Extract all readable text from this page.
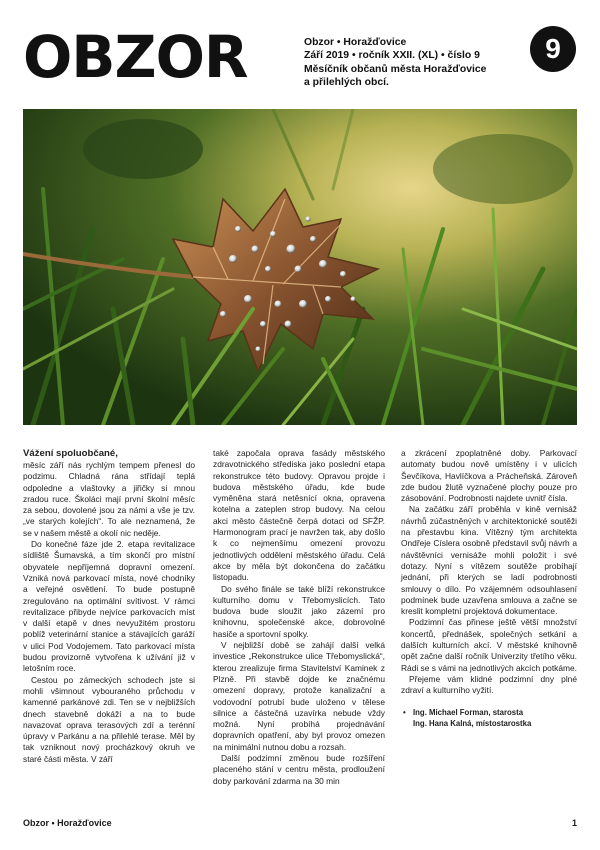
OBZOR	Obzor • Horažďovice
Září 2019 • ročník XXII. (XL) • číslo 9
Měsíčník občanů města Horažďovice
a přilehlých obcí.
9

Vážení spoluobčané,

měsíc září nás rychlým tempem přenesl do podzimu. Chladná rána střídají teplá odpoledne a vlaštovky a jiřičky si mnou zradou ruce. Školáci mají první školní měsíc za sebou, dovolené jsou za námi a vše je tzv. „ve starých kolejích“. To ale neznamená, že se v našem městě a okolí nic neděje.

Do konečné fáze jde 2. etapa revitalizace sídliště Šumavská, a tím skončí pro místní obyvatele nepříjemná dopravní omezení. Vzniká nová parkovací místa, nové chodníky a veřejné osvětlení. To bude postupně zregulováno na optimální svítivost. V rámci revitalizace přibyde nejvíce parkovacích míst v další etapě v dnes nevyužitém prostoru poblíž veterinární stanice a stávajících garáží v ulici Pod Vodojemem. Tato parkovací místa budou provizorně vytvořena k užívání již v letošním roce.

Cestou po zámeckých schodech jste si mohli všimnout vybouraného průchodu v kamenné parkánové zdi. Ten se v nejbližších dnech stavebně dokáží a na to bude navazovat oprava terasových zdí a terénní úpravy v Parkánu a na přilehlé terase. Měl by tak vzniknout nový procházkový okruh ve staré části města. V září

také započala oprava fasády městského zdravotnického střediska jako poslední etapa rekonstrukce této budovy. Opravou projde i budova městského úřadu, kde bude vyměněna stará netěsnící okna, opravena kotelna a zateplen strop budovy. Na celou akci město částečně čerpá dotaci od SFŽP. Harmonogram prací je navržen tak, aby došlo k co nejmenšímu omezení provozu jednotlivých oddělení městského úřadu. Celá akce by měla být dokončena do začátku listopadu.

Do svého finále se také blíží rekonstrukce kulturního domu v Třebomyslicích. Tato budova bude sloužit jako zázemí pro knihovnu, společenské akce, dobrovolné hasiče a sportovní spolky.

V nejbližší době se zahájí další velká investice „Rekonstrukce ulice Třebomyslická“, kterou zrealizuje firma Stavitelství Kaminek z Plzně. Při stavbě dojde ke značnému omezení dopravy, protože kanalizační a vodovodní potrubí bude uloženo v tělese silnice a částečná uzavírka nebude vždy možná. Nyní probíhá projednávání dopravních opatření, aby byl provoz omezen na minimální nutnou dobu a rozsah.

Další podzimní změnou bude rozšíření placeného stání v centru města, prodloužení doby parkování zdarma na 30 min

a zkrácení zpoplatněné doby. Parkovací automaty budou nově umístěny i v ulicích Ševčíkova, Havlíčkova a Prácheňská. Zároveň zde budou žlutě vyznačené plochy pouze pro zásobování. Podrobnosti najdete uvnitř čísla.

Na začátku září proběhla v kině vernisáž návrhů zúčastněných v architektonické soutěži na přestavbu kina. Vítězný tým architekta Ondřeje Císlera osobně představil svůj návrh a návštěvníci vernisáže mohli položit i své dotazy. Nyní s vítězem soutěže probíhají jednání, při kterých se ladí podrobnosti smlouvy o dílo. Po vzájemném odsouhlasení podmínek bude uzavřena smlouva a začne se kreslit kompletní projektová dokumentace.

Podzimní čas přinese ještě větší množství koncertů, přednášek, společných setkání a dalších kulturních akcí. V městské knihovně opět začne další ročník Univerzity třetího věku. Rádi se s vámi na jednotlivých akcích potkáme.

Přejeme vám klidné podzimní dny plné zdraví a kulturního vyžití.

• Ing. Michael Forman, starosta
Ing. Hana Kalná, místostarostka
Obzor • Horažďovice	1
